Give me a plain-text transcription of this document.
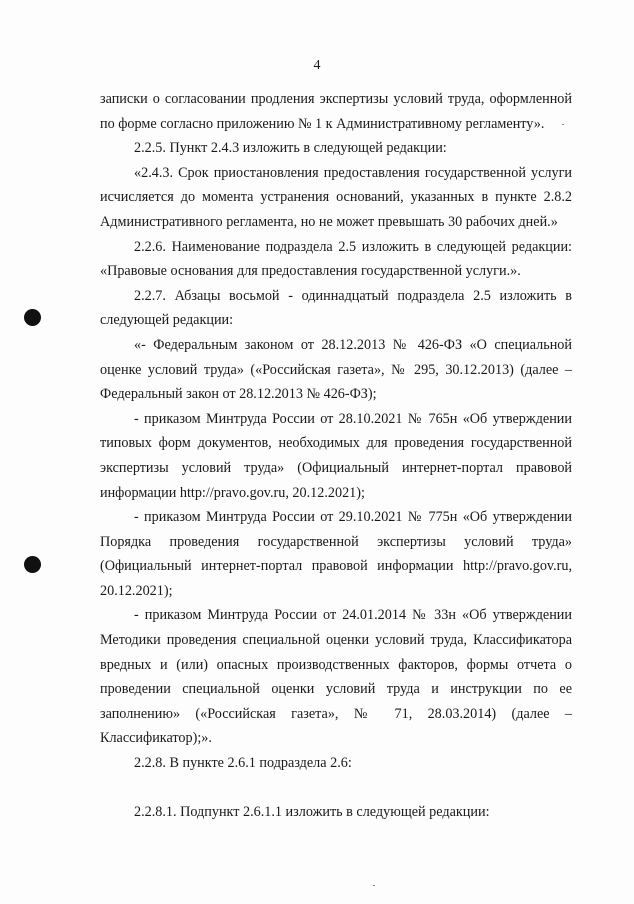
4

записки о согласовании продления экспертизы условий труда, оформленной по форме согласно приложению № 1 к Административному регламенту».

2.2.5. Пункт 2.4.3 изложить в следующей редакции:

«2.4.3. Срок приостановления предоставления государственной услуги исчисляется до момента устранения оснований, указанных в пункте 2.8.2 Административного регламента, но не может превышать 30 рабочих дней.»

2.2.6. Наименование подраздела 2.5 изложить в следующей редакции: «Правовые основания для предоставления государственной услуги.».

2.2.7. Абзацы восьмой - одиннадцатый подраздела 2.5 изложить в следующей редакции:

«- Федеральным законом от 28.12.2013 № 426-ФЗ «О специальной оценке условий труда» («Российская газета», № 295, 30.12.2013) (далее – Федеральный закон от 28.12.2013 № 426-ФЗ);

- приказом Минтруда России от 28.10.2021 № 765н «Об утверждении типовых форм документов, необходимых для проведения государственной экспертизы условий труда» (Официальный интернет-портал правовой информации http://pravo.gov.ru, 20.12.2021);

- приказом Минтруда России от 29.10.2021 № 775н «Об утверждении Порядка проведения государственной экспертизы условий труда» (Официальный интернет-портал правовой информации http://pravo.gov.ru, 20.12.2021);

- приказом Минтруда России от 24.01.2014 № 33н «Об утверждении Методики проведения специальной оценки условий труда, Классификатора вредных и (или) опасных производственных факторов, формы отчета о проведении специальной оценки условий труда и инструкции по ее заполнению» («Российская газета», № 71, 28.03.2014) (далее – Классификатор);».

2.2.8. В пункте 2.6.1 подраздела 2.6:

2.2.8.1. Подпункт 2.6.1.1 изложить в следующей редакции:
